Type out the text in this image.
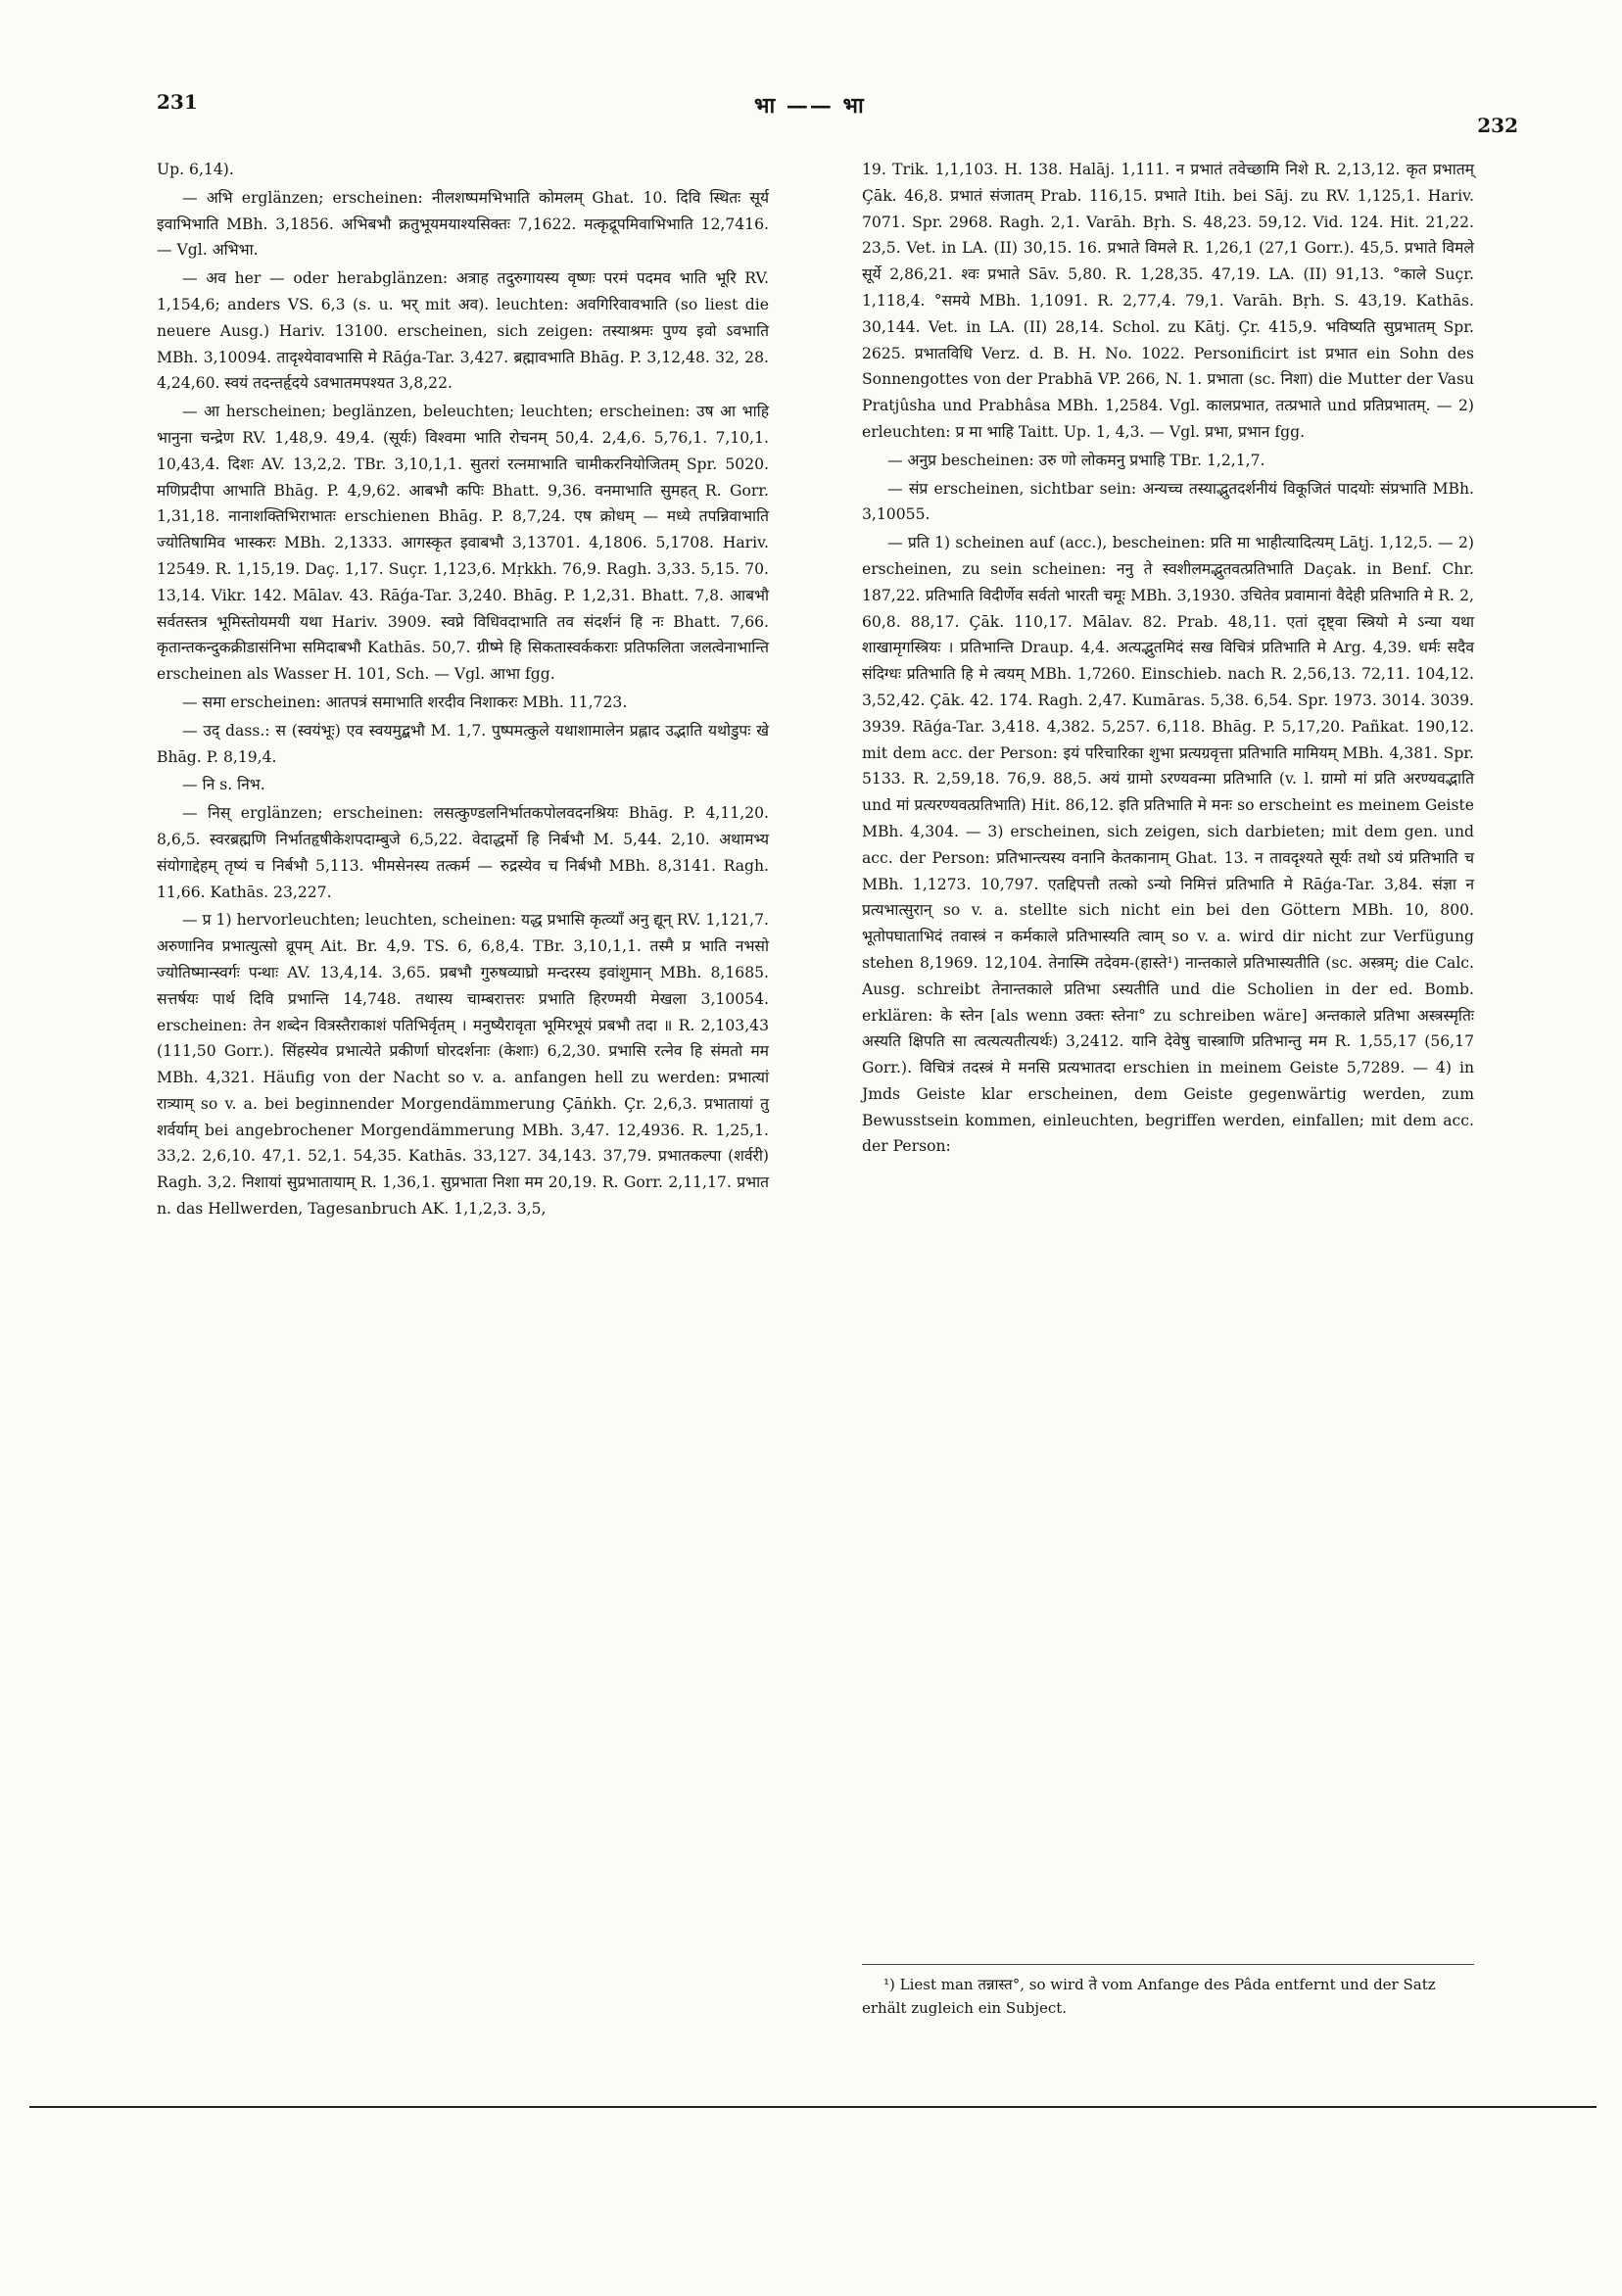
231	भा —— भा
232

Up. 6,14).

— अभि erglänzen; erscheinen: नीलशष्पमभिभाति कोमलम् Ghat. 10. दिवि स्थितः सूर्य इवाभिभाति MBh. 3,1856. अभिबभौ क्रतुभूयमयाश्यसिक्तः 7,1622. मत्कृद्रूपमिवाभिभाति 12,7416. — Vgl. अभिभा.

— अव her — oder herabglänzen: अत्राह तदुरुगायस्य वृष्णः परमं पदमव भाति भूरि RV. 1,154,6; anders VS. 6,3 (s. u. भर् mit अव). leuchten: अवगिरिवावभाति (so liest die neuere Ausg.) Hariv. 13100. erscheinen, sich zeigen: तस्याश्रमः पुण्य इवो ऽवभाति MBh. 3,10094. तादृश्येवावभासि मे Rāǵa-Tar. 3,427. ब्रह्मावभाति Bhāg. P. 3,12,48. 32, 28. 4,24,60. स्वयं तदन्तर्हृदये ऽवभातमपश्यत 3,8,22.

— आ herscheinen; beglänzen, beleuchten; leuchten; erscheinen: उष आ भाहि भानुना चन्द्रेण RV. 1,48,9. 49,4. (सूर्यः) विश्वमा भाति रोचनम् 50,4. 2,4,6. 5,76,1. 7,10,1. 10,43,4. दिशः AV. 13,2,2. TBr. 3,10,1,1. सुतरां रत्नमाभाति चामीकरनियोजितम् Spr. 5020. मणिप्रदीपा आभाति Bhāg. P. 4,9,62. आबभौ कपिः Bhatt. 9,36. वनमाभाति सुमहत् R. Gorr. 1,31,18. नानाशक्तिभिराभातः erschienen Bhāg. P. 8,7,24. एष क्रोधम् — मध्ये तपन्निवाभाति ज्योतिषामिव भास्करः MBh. 2,1333. आगस्कृत इवाबभौ 3,13701. 4,1806. 5,1708. Hariv. 12549. R. 1,15,19. Daç. 1,17. Suçr. 1,123,6. Mṛkkh. 76,9. Ragh. 3,33. 5,15. 70. 13,14. Vikr. 142. Mālav. 43. Rāǵa-Tar. 3,240. Bhāg. P. 1,2,31. Bhatt. 7,8. आबभौ सर्वतस्तत्र भूमिस्तोयमयी यथा Hariv. 3909. स्वप्ने विधिवदाभाति तव संदर्शनं हि नः Bhatt. 7,66. कृतान्तकन्दुकक्रीडासंनिभा समिदाबभौ Kathās. 50,7. ग्रीष्मे हि सिकतास्वर्ककराः प्रतिफलिता जलत्वेनाभान्ति erscheinen als Wasser H. 101, Sch. — Vgl. आभा fgg.

— समा erscheinen: आतपत्रं समाभाति शरदीव निशाकरः MBh. 11,723.

— उद् dass.: स (स्वयंभूः) एव स्वयमुद्बभौ M. 1,7. पुष्पमत्कुले यथाशामालेन प्रह्लाद उद्भाति यथोडुपः खे Bhāg. P. 8,19,4.

— नि s. निभ.

— निस् erglänzen; erscheinen: लसत्कुण्डलनिर्भातकपोलवदनश्रियः Bhāg. P. 4,11,20. 8,6,5. स्वरब्रह्मणि निर्भातहृषीकेशपदाम्बुजे 6,5,22. वेदाद्धर्मो हि निर्बभौ M. 5,44. 2,10. अथामभ्य संयोगाद्देहम् तृष्यं च निर्बभौ 5,113. भीमसेनस्य तत्कर्म — रुद्रस्येव च निर्बभौ MBh. 8,3141. Ragh. 11,66. Kathās. 23,227.

— प्र 1) hervorleuchten; leuchten, scheinen: यद्ध प्रभासि कृत्व्याँ अनु द्यून् RV. 1,121,7. अरुणानिव प्रभात्युत्सो व्रूपम् Ait. Br. 4,9. TS. 6, 6,8,4. TBr. 3,10,1,1. तस्मै प्र भाति नभसो ज्योतिष्मान्स्वर्गः पन्थाः AV. 13,4,14. 3,65. प्रबभौ गुरुषव्याघ्रो मन्दरस्य इवांशुमान् MBh. 8,1685. सत्तर्षयः पार्थ दिवि प्रभान्ति 14,748. तथास्य चाम्बरात्तरः प्रभाति हिरण्मयी मेखला 3,10054. erscheinen: तेन शब्देन वित्रस्तैराकाशं पतिभिर्वृतम् । मनुष्यैरावृता भूमिरभूयं प्रबभौ तदा ॥ R. 2,103,43 (111,50 Gorr.). सिंहस्येव प्रभात्येते प्रकीर्णा घोरदर्शनाः (केशाः) 6,2,30. प्रभासि रत्नेव हि संमतो मम MBh. 4,321. Häufig von der Nacht so v. a. anfangen hell zu werden: प्रभात्यां रात्र्याम् so v. a. bei beginnender Morgendämmerung Çāṅkh. Çr. 2,6,3. प्रभातायां तु शर्वर्याम् bei angebrochener Morgendämmerung MBh. 3,47. 12,4936. R. 1,25,1. 33,2. 2,6,10. 47,1. 52,1. 54,35. Kathās. 33,127. 34,143. 37,79. प्रभातकल्पा (शर्वरी) Ragh. 3,2. निशायां सुप्रभातायाम् R. 1,36,1. सुप्रभाता निशा मम 20,19. R. Gorr. 2,11,17. प्रभात n. das Hellwerden, Tagesanbruch AK. 1,1,2,3. 3,5,

19. Trik. 1,1,103. H. 138. Halāj. 1,111. न प्रभातं तवेच्छामि निशे R. 2,13,12. कृत प्रभातम् Çāk. 46,8. प्रभातं संजातम् Prab. 116,15. प्रभाते Itih. bei Sāj. zu RV. 1,125,1. Hariv. 7071. Spr. 2968. Ragh. 2,1. Varāh. Bṛh. S. 48,23. 59,12. Vid. 124. Hit. 21,22. 23,5. Vet. in LA. (II) 30,15. 16. प्रभाते विमले R. 1,26,1 (27,1 Gorr.). 45,5. प्रभाते विमले सूर्ये 2,86,21. श्वः प्रभाते Sāv. 5,80. R. 1,28,35. 47,19. LA. (II) 91,13. °काले Suçr. 1,118,4. °समये MBh. 1,1091. R. 2,77,4. 79,1. Varāh. Bṛh. S. 43,19. Kathās. 30,144. Vet. in LA. (II) 28,14. Schol. zu Kātj. Çr. 415,9. भविष्यति सुप्रभातम् Spr. 2625. प्रभातविधि Verz. d. B. H. No. 1022. Personificirt ist प्रभात ein Sohn des Sonnengottes von der Prabhā VP. 266, N. 1. प्रभाता (sc. निशा) die Mutter der Vasu Pratjûsha und Prabhâsa MBh. 1,2584. Vgl. कालप्रभात, तत्प्रभाते und प्रतिप्रभातम्. — 2) erleuchten: प्र मा भाहि Taitt. Up. 1, 4,3. — Vgl. प्रभा, प्रभान fgg.

— अनुप्र bescheinen: उरु णो लोकमनु प्रभाहि TBr. 1,2,1,7.

— संप्र erscheinen, sichtbar sein: अन्यच्च तस्याद्भुतदर्शनीयं विकूजितं पादयोः संप्रभाति MBh. 3,10055.

— प्रति 1) scheinen auf (acc.), bescheinen: प्रति मा भाहीत्यादित्यम् Lāṭj. 1,12,5. — 2) erscheinen, zu sein scheinen: ननु ते स्वशीलमद्भुतवत्प्रतिभाति Daçak. in Benf. Chr. 187,22. प्रतिभाति विदीर्णेव सर्वतो भारती चमूः MBh. 3,1930. उचितेव प्रवामानां वैदेही प्रतिभाति मे R. 2, 60,8. 88,17. Çāk. 110,17. Mālav. 82. Prab. 48,11. एतां दृष्ट्वा स्त्रियो मे ऽन्या यथा शाखामृगस्त्रियः । प्रतिभान्ति Draup. 4,4. अत्यद्भुतमिदं सख विचित्रं प्रतिभाति मे Arg. 4,39. धर्मः सदैव संदिग्धः प्रतिभाति हि मे त्वयम् MBh. 1,7260. Einschieb. nach R. 2,56,13. 72,11. 104,12. 3,52,42. Çāk. 42. 174. Ragh. 2,47. Kumāras. 5,38. 6,54. Spr. 1973. 3014. 3039. 3939. Rāǵa-Tar. 3,418. 4,382. 5,257. 6,118. Bhāg. P. 5,17,20. Pañkat. 190,12. mit dem acc. der Person: इयं परिचारिका शुभा प्रत्यग्रवृत्ता प्रतिभाति मामियम् MBh. 4,381. Spr. 5133. R. 2,59,18. 76,9. 88,5. अयं ग्रामो ऽरण्यवन्मा प्रतिभाति (v. l. ग्रामो मां प्रति अरण्यवद्भाति und मां प्रत्यरण्यवत्प्रतिभाति) Hit. 86,12. इति प्रतिभाति मे मनः so erscheint es meinem Geiste MBh. 4,304. — 3) erscheinen, sich zeigen, sich darbieten; mit dem gen. und acc. der Person: प्रतिभान्त्यस्य वनानि केतकानाम् Ghat. 13. न तावदृश्यते सूर्यः तथो ऽयं प्रतिभाति च MBh. 1,1273. 10,797. एतद्दिपत्तौ तत्को ऽन्यो निमित्तं प्रतिभाति मे Rāǵa-Tar. 3,84. संज्ञा न प्रत्यभात्सुरान् so v. a. stellte sich nicht ein bei den Göttern MBh. 10, 800. भूतोपघाताभिदं तवास्त्रं न कर्मकाले प्रतिभास्यति त्वाम् so v. a. wird dir nicht zur Verfügung stehen 8,1969. 12,104. तेनास्मि तदेवम-(हास्ते¹) नान्तकाले प्रतिभास्यतीति (sc. अस्त्रम्; die Calc. Ausg. schreibt तेनान्तकाले प्रतिभा ऽस्यतीति und die Scholien in der ed. Bomb. erklären: के स्तेन [als wenn उक्तः स्तेना° zu schreiben wäre] अन्तकाले प्रतिभा अस्त्रस्मृतिः अस्यति क्षिपति सा त्वत्यत्यतीत्यर्थः) 3,2412. यानि देवेषु चास्त्राणि प्रतिभान्तु मम R. 1,55,17 (56,17 Gorr.). विचित्रं तदस्त्रं मे मनसि प्रत्यभातदा erschien in meinem Geiste 5,7289. — 4) in Jmds Geiste klar erscheinen, dem Geiste gegenwärtig werden, zum Bewusstsein kommen, einleuchten, begriffen werden, einfallen; mit dem acc. der Person:

¹) Liest man तन्नास्त°, so wird ते vom Anfange des Pâda entfernt und der Satz erhält zugleich ein Subject.
